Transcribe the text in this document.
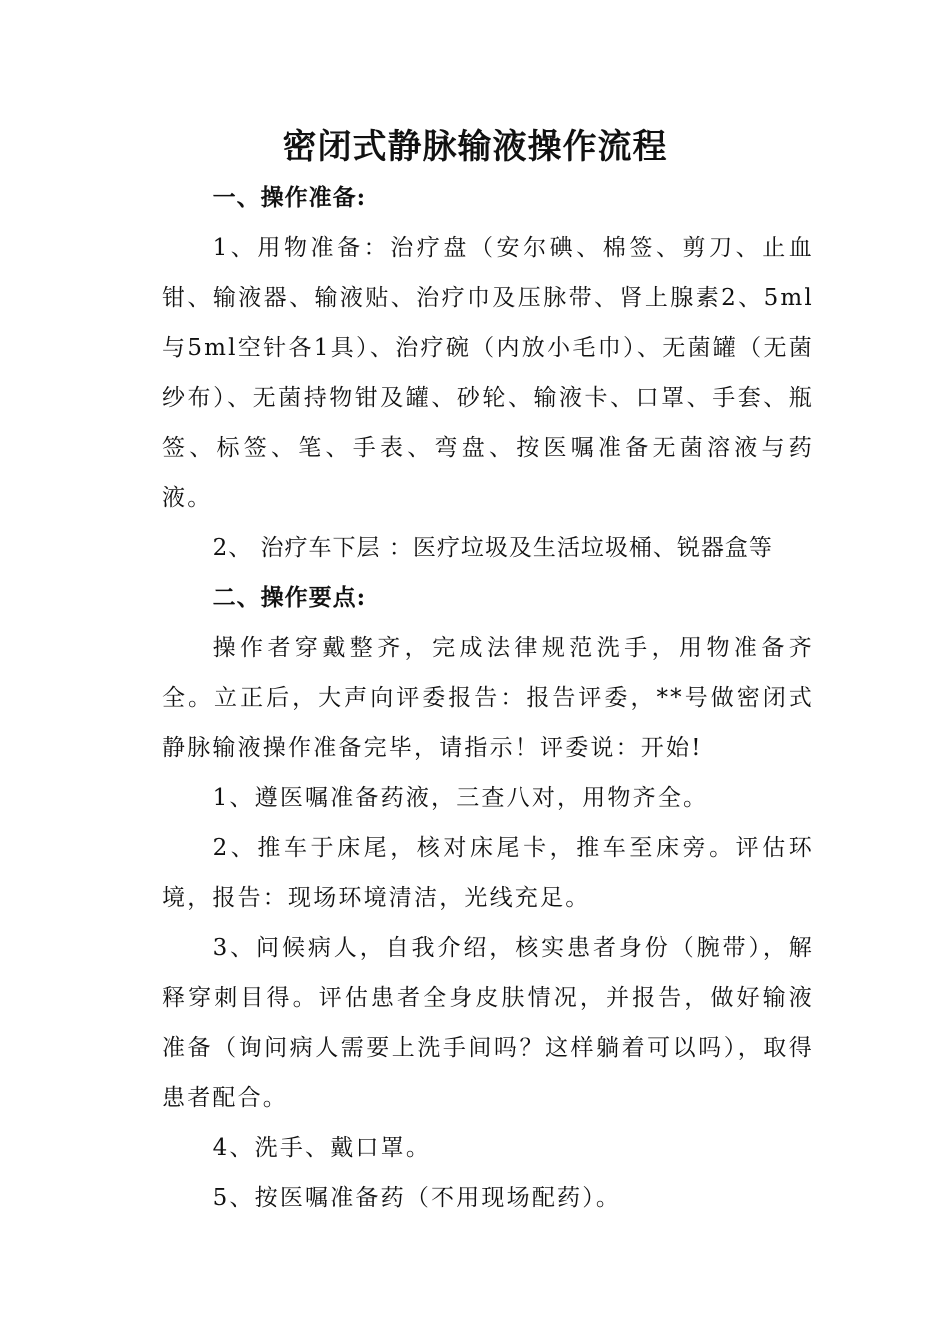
密闭式静脉输液操作流程
一、操作准备:

1、用物准备：治疗盘（安尔碘、棉签、剪刀、止血钳、输液器、输液贴、治疗巾及压脉带、肾上腺素2、5ml与5ml空针各1具）、治疗碗（内放小毛巾）、无菌罐（无菌纱布）、无菌持物钳及罐、砂轮、输液卡、口罩、手套、瓶签、标签、笔、手表、弯盘、按医嘱准备无菌溶液与药液。

2、 治疗车下层 ：医疗垃圾及生活垃圾桶、锐器盒等

二、操作要点:

操作者穿戴整齐，完成法律规范洗手，用物准备齐全。立正后，大声向评委报告：报告评委，**号做密闭式静脉输液操作准备完毕，请指示！评委说：开始!

1、遵医嘱准备药液，三查八对，用物齐全。

2、推车于床尾，核对床尾卡，推车至床旁。评估环境，报告：现场环境清洁，光线充足。

3、问候病人，自我介绍，核实患者身份（腕带），解释穿刺目得。评估患者全身皮肤情况，并报告，做好输液准备（询问病人需要上洗手间吗？这样躺着可以吗），取得患者配合。

4、洗手、戴口罩。

5、按医嘱准备药（不用现场配药）。
